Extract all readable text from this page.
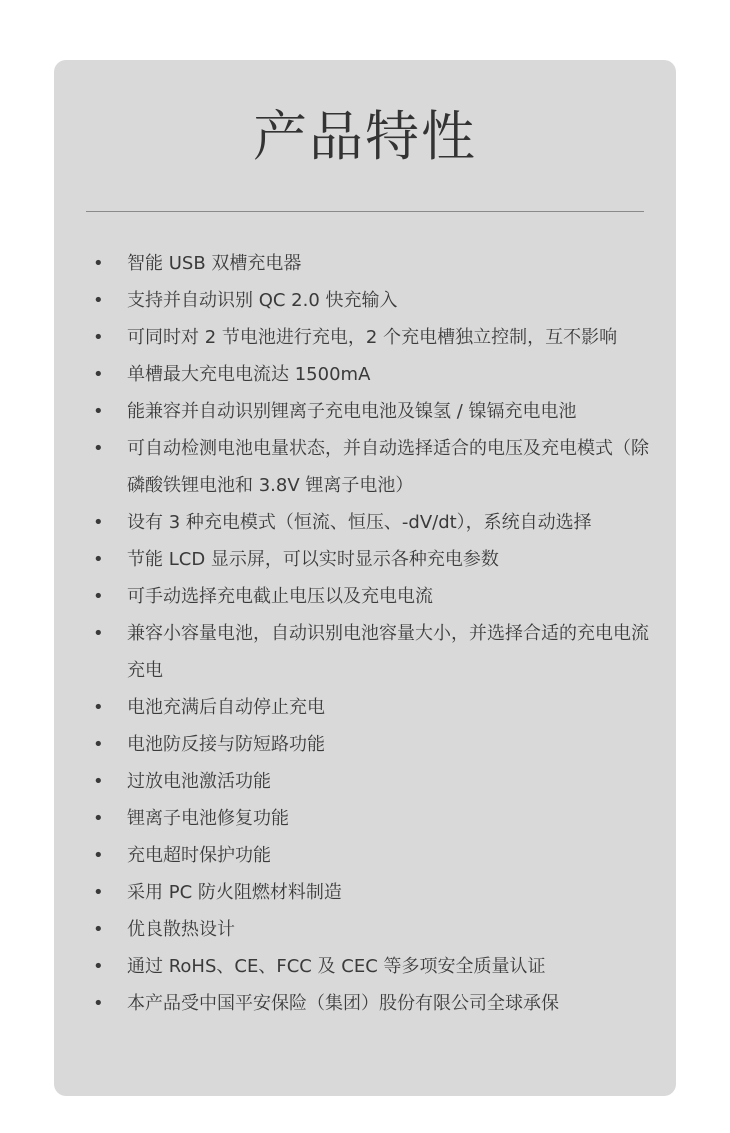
产品特性
• 智能 USB 双槽充电器
• 支持并自动识别 QC 2.0 快充输入
• 可同时对 2 节电池进行充电，2 个充电槽独立控制，互不影响
• 单槽最大充电电流达 1500mA
• 能兼容并自动识别锂离子充电电池及镍氢 / 镍镉充电电池
• 可自动检测电池电量状态，并自动选择适合的电压及充电模式（除磷酸铁锂电池和 3.8V 锂离子电池）
• 设有 3 种充电模式（恒流、恒压、-dV/dt），系统自动选择
• 节能 LCD 显示屏，可以实时显示各种充电参数
• 可手动选择充电截止电压以及充电电流
• 兼容小容量电池，自动识别电池容量大小，并选择合适的充电电流充电
• 电池充满后自动停止充电
• 电池防反接与防短路功能
• 过放电池激活功能
• 锂离子电池修复功能
• 充电超时保护功能
• 采用 PC 防火阻燃材料制造
• 优良散热设计
• 通过 RoHS、CE、FCC 及 CEC 等多项安全质量认证
• 本产品受中国平安保险（集团）股份有限公司全球承保
